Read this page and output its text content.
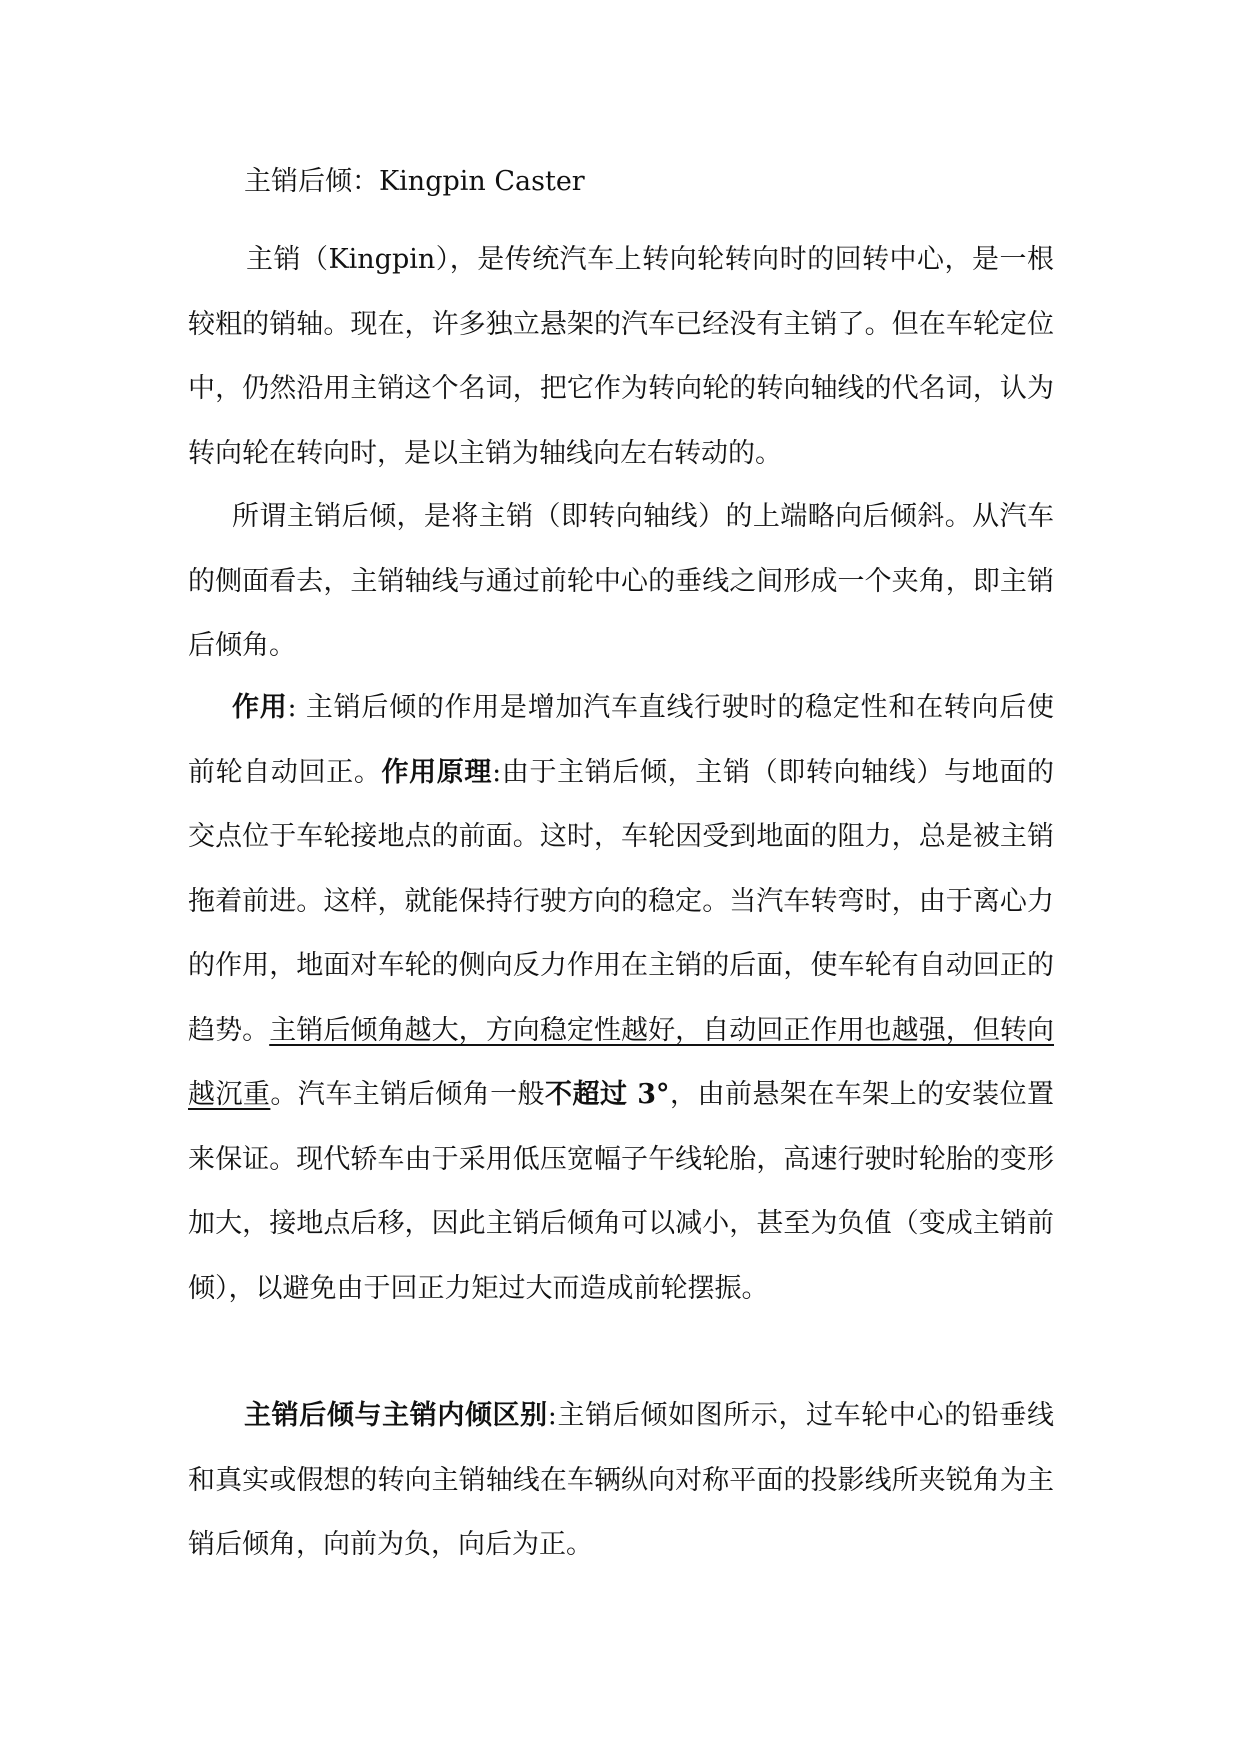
主销后倾：Kingpin Caster

主销（Kingpin），是传统汽车上转向轮转向时的回转中心，是一根较粗的销轴。现在，许多独立悬架的汽车已经没有主销了。但在车轮定位中，仍然沿用主销这个名词，把它作为转向轮的转向轴线的代名词，认为转向轮在转向时，是以主销为轴线向左右转动的。

所谓主销后倾，是将主销（即转向轴线）的上端略向后倾斜。从汽车的侧面看去，主销轴线与通过前轮中心的垂线之间形成一个夹角，即主销后倾角。

作用: 主销后倾的作用是增加汽车直线行驶时的稳定性和在转向后使前轮自动回正。作用原理:由于主销后倾，主销（即转向轴线）与地面的交点位于车轮接地点的前面。这时，车轮因受到地面的阻力，总是被主销拖着前进。这样，就能保持行驶方向的稳定。当汽车转弯时，由于离心力的作用，地面对车轮的侧向反力作用在主销的后面，使车轮有自动回正的趋势。主销后倾角越大，方向稳定性越好，自动回正作用也越强，但转向越沉重。汽车主销后倾角一般不超过 3°，由前悬架在车架上的安装位置来保证。现代轿车由于采用低压宽幅子午线轮胎，高速行驶时轮胎的变形加大，接地点后移，因此主销后倾角可以减小，甚至为负值（变成主销前倾），以避免由于回正力矩过大而造成前轮摆振。

主销后倾与主销内倾区别:主销后倾如图所示，过车轮中心的铅垂线和真实或假想的转向主销轴线在车辆纵向对称平面的投影线所夹锐角为主销后倾角，向前为负，向后为正。
